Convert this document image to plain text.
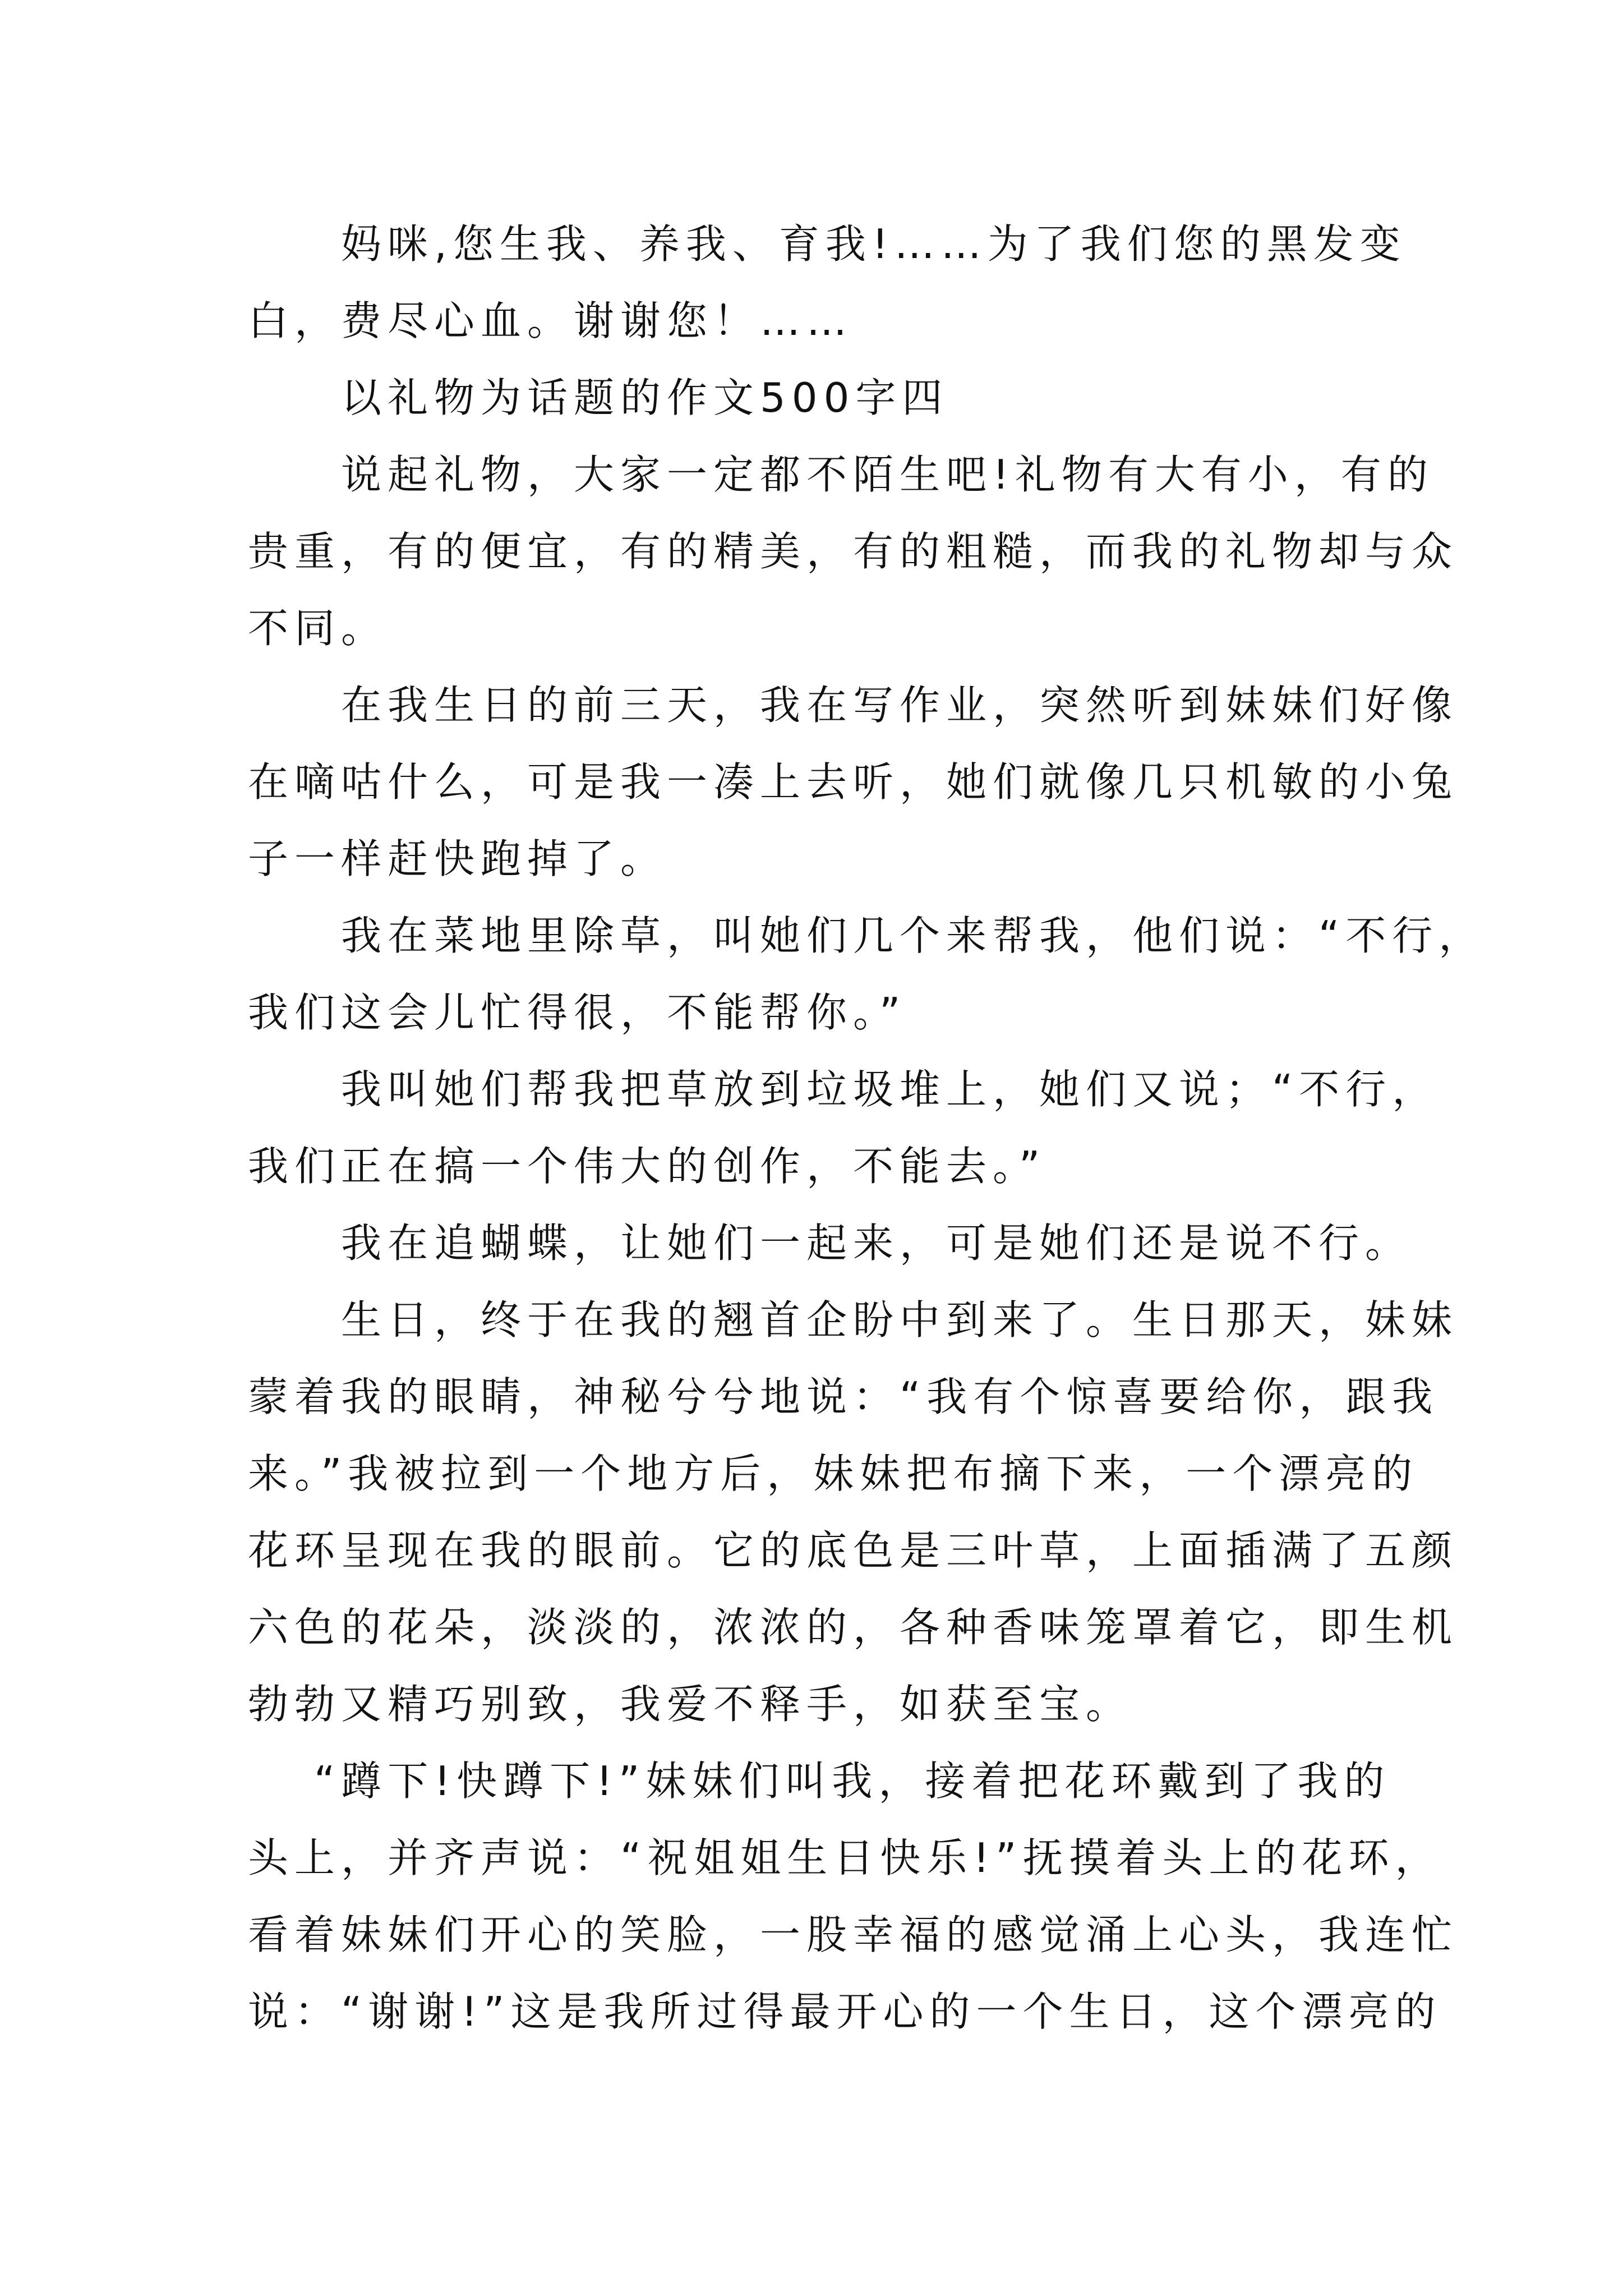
妈咪,您生我、养我、育我!……为了我们您的黑发变
白，费尽心血。谢谢您！……
以礼物为话题的作文500字四
说起礼物，大家一定都不陌生吧!礼物有大有小，有的
贵重，有的便宜，有的精美，有的粗糙，而我的礼物却与众
不同。
在我生日的前三天，我在写作业，突然听到妹妹们好像
在嘀咕什么，可是我一凑上去听，她们就像几只机敏的小兔
子一样赶快跑掉了。
我在菜地里除草，叫她们几个来帮我，他们说：“不行，
我们这会儿忙得很，不能帮你。”
我叫她们帮我把草放到垃圾堆上，她们又说；“不行，
我们正在搞一个伟大的创作，不能去。”
我在追蝴蝶，让她们一起来，可是她们还是说不行。
生日，终于在我的翘首企盼中到来了。生日那天，妹妹
蒙着我的眼睛，神秘兮兮地说：“我有个惊喜要给你，跟我
来。”我被拉到一个地方后，妹妹把布摘下来，一个漂亮的
花环呈现在我的眼前。它的底色是三叶草，上面插满了五颜
六色的花朵，淡淡的，浓浓的，各种香味笼罩着它，即生机
勃勃又精巧别致，我爱不释手，如获至宝。
“蹲下!快蹲下!”妹妹们叫我，接着把花环戴到了我的
头上，并齐声说：“祝姐姐生日快乐!”抚摸着头上的花环，
看着妹妹们开心的笑脸，一股幸福的感觉涌上心头，我连忙
说：“谢谢!”这是我所过得最开心的一个生日，这个漂亮的
